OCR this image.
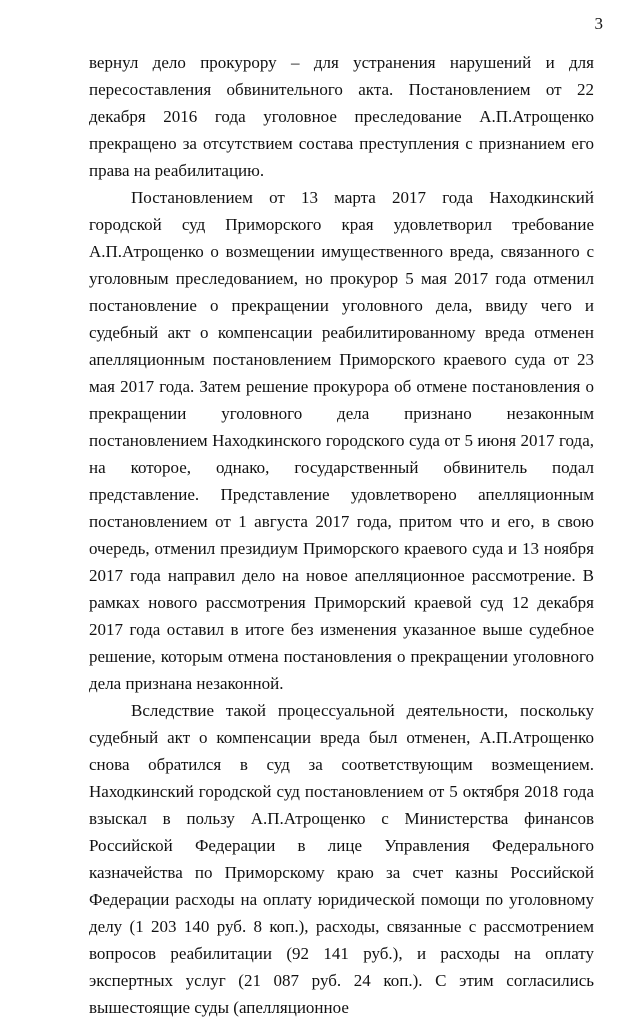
3

вернул дело прокурору – для устранения нарушений и для пересоставления обвинительного акта. Постановлением от 22 декабря 2016 года уголовное преследование А.П.Атрощенко прекращено за отсутствием состава преступления с признанием его права на реабилитацию.

Постановлением от 13 марта 2017 года Находкинский городской суд Приморского края удовлетворил требование А.П.Атрощенко о возмещении имущественного вреда, связанного с уголовным преследованием, но прокурор 5 мая 2017 года отменил постановление о прекращении уголовного дела, ввиду чего и судебный акт о компенсации реабилитированному вреда отменен апелляционным постановлением Приморского краевого суда от 23 мая 2017 года. Затем решение прокурора об отмене постановления о прекращении уголовного дела признано незаконным постановлением Находкинского городского суда от 5 июня 2017 года, на которое, однако, государственный обвинитель подал представление. Представление удовлетворено апелляционным постановлением от 1 августа 2017 года, притом что и его, в свою очередь, отменил президиум Приморского краевого суда и 13 ноября 2017 года направил дело на новое апелляционное рассмотрение. В рамках нового рассмотрения Приморский краевой суд 12 декабря 2017 года оставил в итоге без изменения указанное выше судебное решение, которым отмена постановления о прекращении уголовного дела признана незаконной.

Вследствие такой процессуальной деятельности, поскольку судебный акт о компенсации вреда был отменен, А.П.Атрощенко снова обратился в суд за соответствующим возмещением. Находкинский городской суд постановлением от 5 октября 2018 года взыскал в пользу А.П.Атрощенко с Министерства финансов Российской Федерации в лице Управления Федерального казначейства по Приморскому краю за счет казны Российской Федерации расходы на оплату юридической помощи по уголовному делу (1 203 140 руб. 8 коп.), расходы, связанные с рассмотрением вопросов реабилитации (92 141 руб.), и расходы на оплату экспертных услуг (21 087 руб. 24 коп.). С этим согласились вышестоящие суды (апелляционное
